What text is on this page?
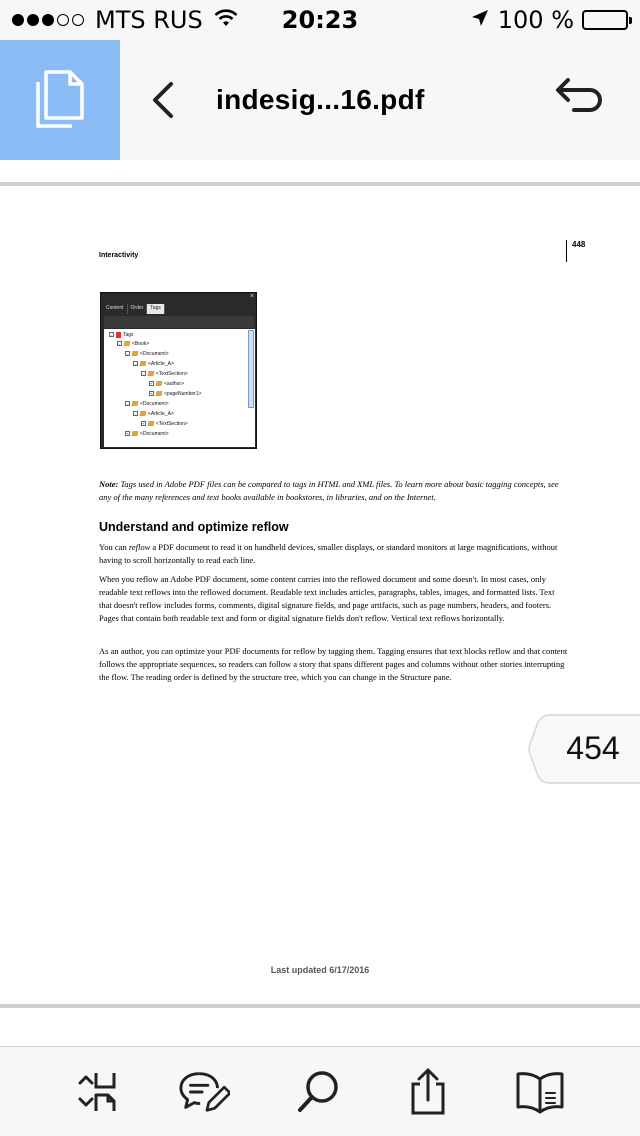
MTS RUS	20:23	100 %
indesig...16.pdf
448
Interactivity
×
Content	Order	Tags
- Tags
- <Book>
- <Document>
- <Article_A>
- <TextSection>
+ <author>
+ <pageNumber1>
- <Document>
- <Article_A>
+ <TextSection>
+ <Document>
Note: Tags used in Adobe PDF files can be compared to tags in HTML and XML files. To learn more about basic tagging concepts, see any of the many references and text books available in bookstores, in libraries, and on the Internet.
Understand and optimize reflow
You can reflow a PDF document to read it on handheld devices, smaller displays, or standard monitors at large magnifications, without having to scroll horizontally to read each line.
When you reflow an Adobe PDF document, some content carries into the reflowed document and some doesn't. In most cases, only readable text reflows into the reflowed document. Readable text includes articles, paragraphs, tables, images, and formatted lists. Text that doesn't reflow includes forms, comments, digital signature fields, and page artifacts, such as page numbers, headers, and footers. Pages that contain both readable text and form or digital signature fields don't reflow. Vertical text reflows horizontally.
As an author, you can optimize your PDF documents for reflow by tagging them. Tagging ensures that text blocks reflow and that content follows the appropriate sequences, so readers can follow a story that spans different pages and columns without other stories interrupting the flow. The reading order is defined by the structure tree, which you can change in the Structure pane.
Last updated 6/17/2016
454
